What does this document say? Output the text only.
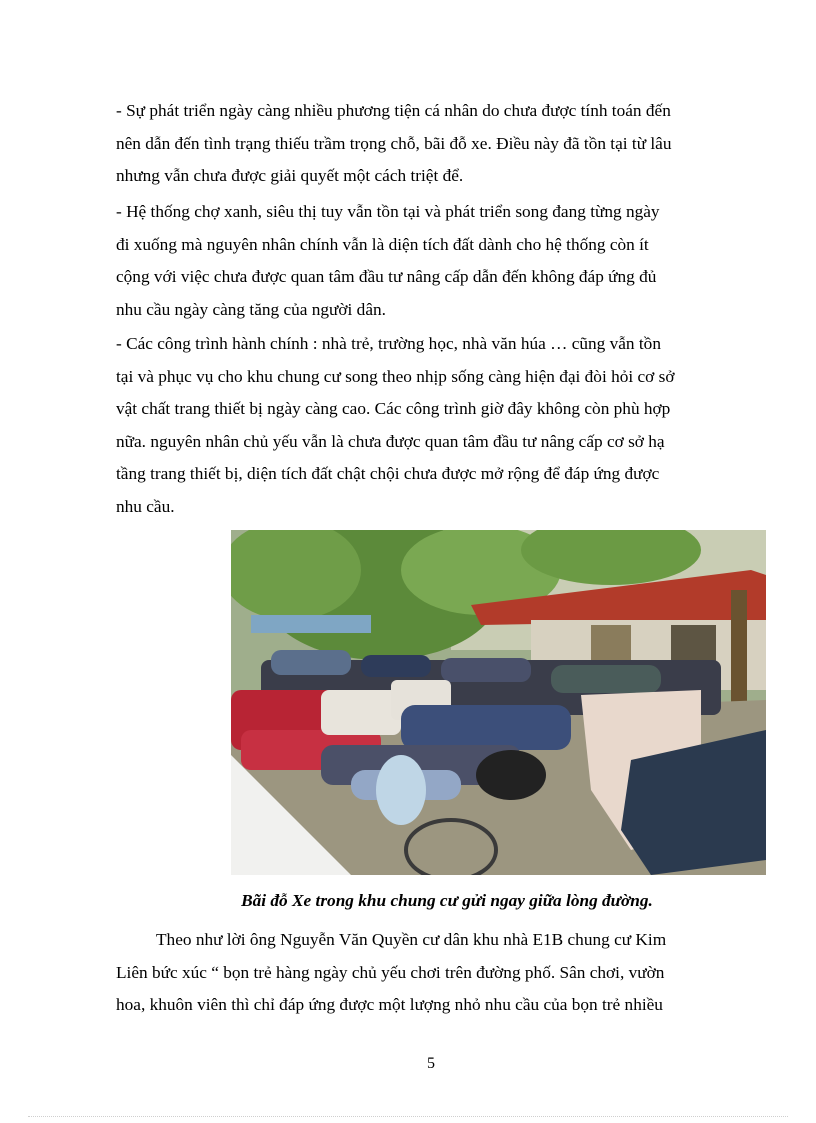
- Sự phát triển ngày càng nhiều phương tiện cá nhân do chưa được tính toán đến
nên dẫn đến tình trạng thiếu trầm trọng chỗ, bãi đỗ xe. Điều này đã tồn tại từ lâu
nhưng vẫn chưa được giải quyết một cách triệt để.
- Hệ thống chợ xanh, siêu thị tuy vẫn tồn tại và phát triển song đang từng ngày
đi xuống mà nguyên nhân chính vẫn là diện tích đất dành cho hệ thống còn ít
cộng với việc chưa được quan tâm đầu tư nâng cấp dẫn đến không đáp ứng đủ
nhu cầu ngày càng tăng của người dân.
- Các công trình hành chính : nhà trẻ, trường học, nhà văn húa … cũng vẫn tồn
tại và phục vụ cho khu chung cư song theo nhịp sống càng hiện đại đòi hỏi cơ sở
vật chất trang thiết bị ngày càng cao. Các công trình giờ đây không còn phù hợp
nữa. nguyên nhân chủ yếu vẫn là chưa được quan tâm đầu tư nâng cấp cơ sở hạ
tầng trang thiết bị, diện tích đất chật chội chưa được mở rộng để đáp ứng được
nhu cầu.
Bãi đỗ Xe trong khu chung cư gửi ngay giữa lòng đường.
Theo như lời ông Nguyễn Văn Quyền cư dân khu nhà E1B chung cư Kim
Liên bức xúc “ bọn trẻ hàng ngày chủ yếu chơi trên đường phố. Sân chơi, vườn
hoa, khuôn viên thì chỉ đáp ứng được một lượng nhỏ nhu cầu của bọn trẻ nhiều
5
